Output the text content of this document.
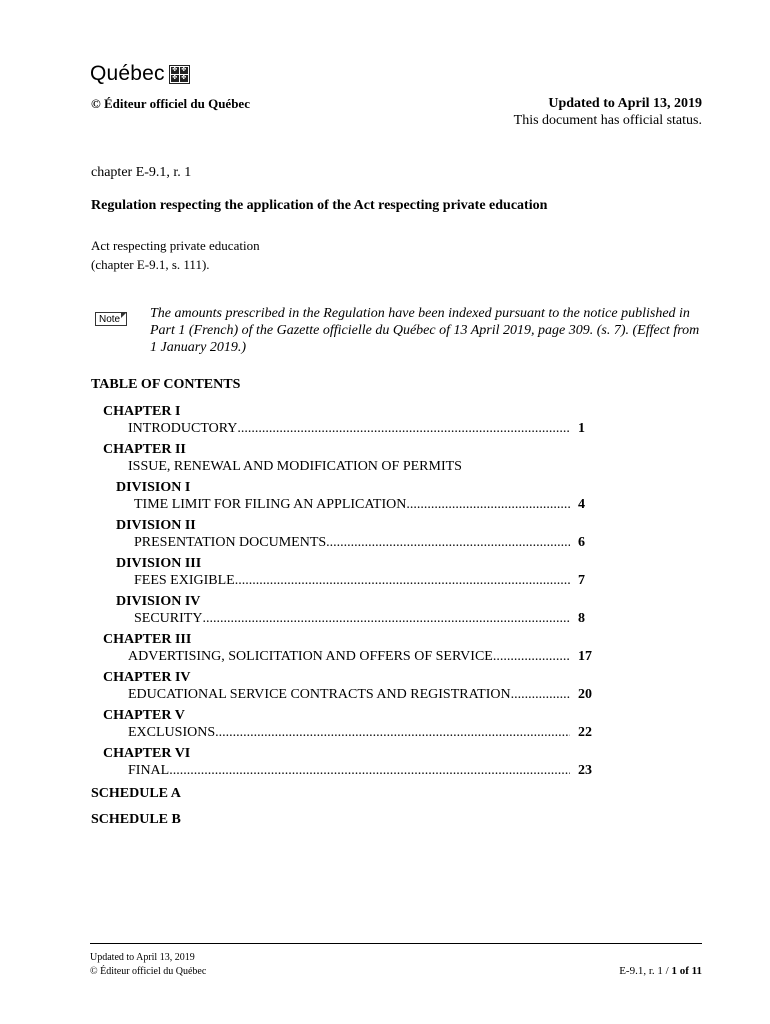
Québec ✤ ✤
✤ ✤
© Éditeur officiel du Québec	Updated to April 13, 2019
This document has official status.
chapter E-9.1, r. 1
Regulation respecting the application of the Act respecting private education
Act respecting private education
(chapter E-9.1, s. 111).
Note	The amounts prescribed in the Regulation have been indexed pursuant to the notice published in Part 1 (French) of the Gazette officielle du Québec of 13 April 2019, page 309. (s. 7). (Effect from 1 January 2019.)
TABLE OF CONTENTS
CHAPTER I
INTRODUCTORY .....	1
CHAPTER II
ISSUE, RENEWAL AND MODIFICATION OF PERMITS
DIVISION I
TIME LIMIT FOR FILING AN APPLICATION .....	4
DIVISION II
PRESENTATION DOCUMENTS .....	6
DIVISION III
FEES EXIGIBLE .....	7
DIVISION IV
SECURITY .....	8
CHAPTER III
ADVERTISING, SOLICITATION AND OFFERS OF SERVICE .....	17
CHAPTER IV
EDUCATIONAL SERVICE CONTRACTS AND REGISTRATION .....	20
CHAPTER V
EXCLUSIONS .....	22
CHAPTER VI
FINAL .....	23
SCHEDULE A
SCHEDULE B
Updated to April 13, 2019
© Éditeur officiel du Québec	E-9.1, r. 1 / 1 of 11
